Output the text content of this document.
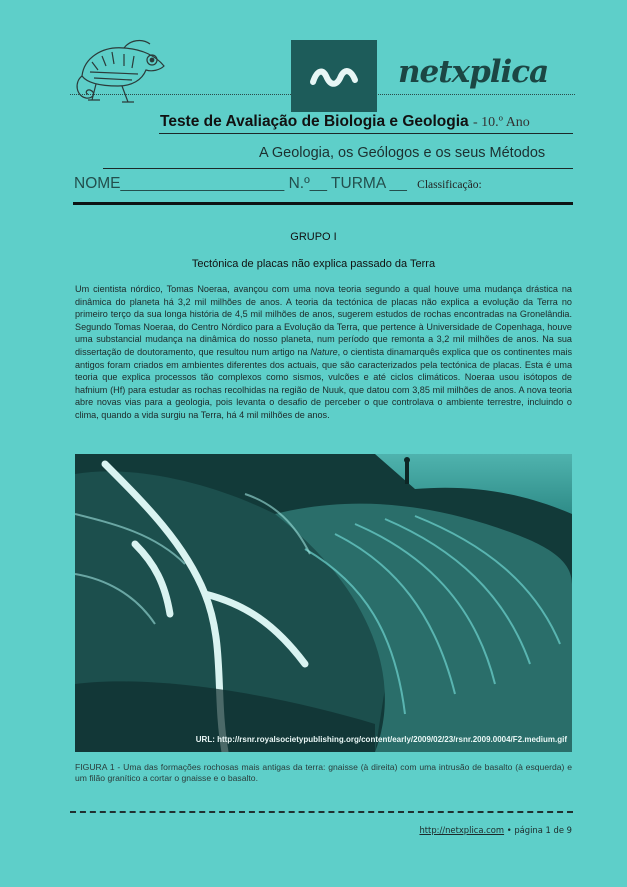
netxplica
Teste de Avaliação de Biologia e Geologia - 10.º Ano
A Geologia, os Geólogos e os seus Métodos
NOME___________________ N.º__ TURMA __ Classificação:
GRUPO I
Tectónica de placas não explica passado da Terra

Um cientista nórdico, Tomas Noeraa, avançou com uma nova teoria segundo a qual houve uma mudança drástica na dinâmica do planeta há 3,2 mil milhões de anos. A teoria da tectónica de placas não explica a evolução da Terra no primeiro terço da sua longa história de 4,5 mil milhões de anos, sugerem estudos de rochas encontradas na Gronelândia. Segundo Tomas Noeraa, do Centro Nórdico para a Evolução da Terra, que pertence à Universidade de Copenhaga, houve uma substancial mudança na dinâmica do nosso planeta, num período que remonta a 3,2 mil milhões de anos. Na sua dissertação de doutoramento, que resultou num artigo na Nature, o cientista dinamarquês explica que os continentes mais antigos foram criados em ambientes diferentes dos actuais, que são caracterizados pela tectónica de placas. Esta é uma teoria que explica processos tão complexos como sismos, vulcões e até ciclos climáticos. Noeraa usou isótopos de hafnium (Hf) para estudar as rochas recolhidas na região de Nuuk, que datou com 3,85 mil milhões de anos. A nova teoria abre novas vias para a geologia, pois levanta o desafio de perceber o que controlava o ambiente terrestre, incluindo o clima, quando a vida surgiu na Terra, há 4 mil milhões de anos.

URL: http://rsnr.royalsocietypublishing.org/content/early/2009/02/23/rsnr.2009.0004/F2.medium.gif

FIGURA 1 - Uma das formações rochosas mais antigas da terra: gnaisse (à direita) com uma intrusão de basalto (à esquerda) e um filão granítico a cortar o gnaisse e o basalto.

http://netxplica.com • página 1 de 9
